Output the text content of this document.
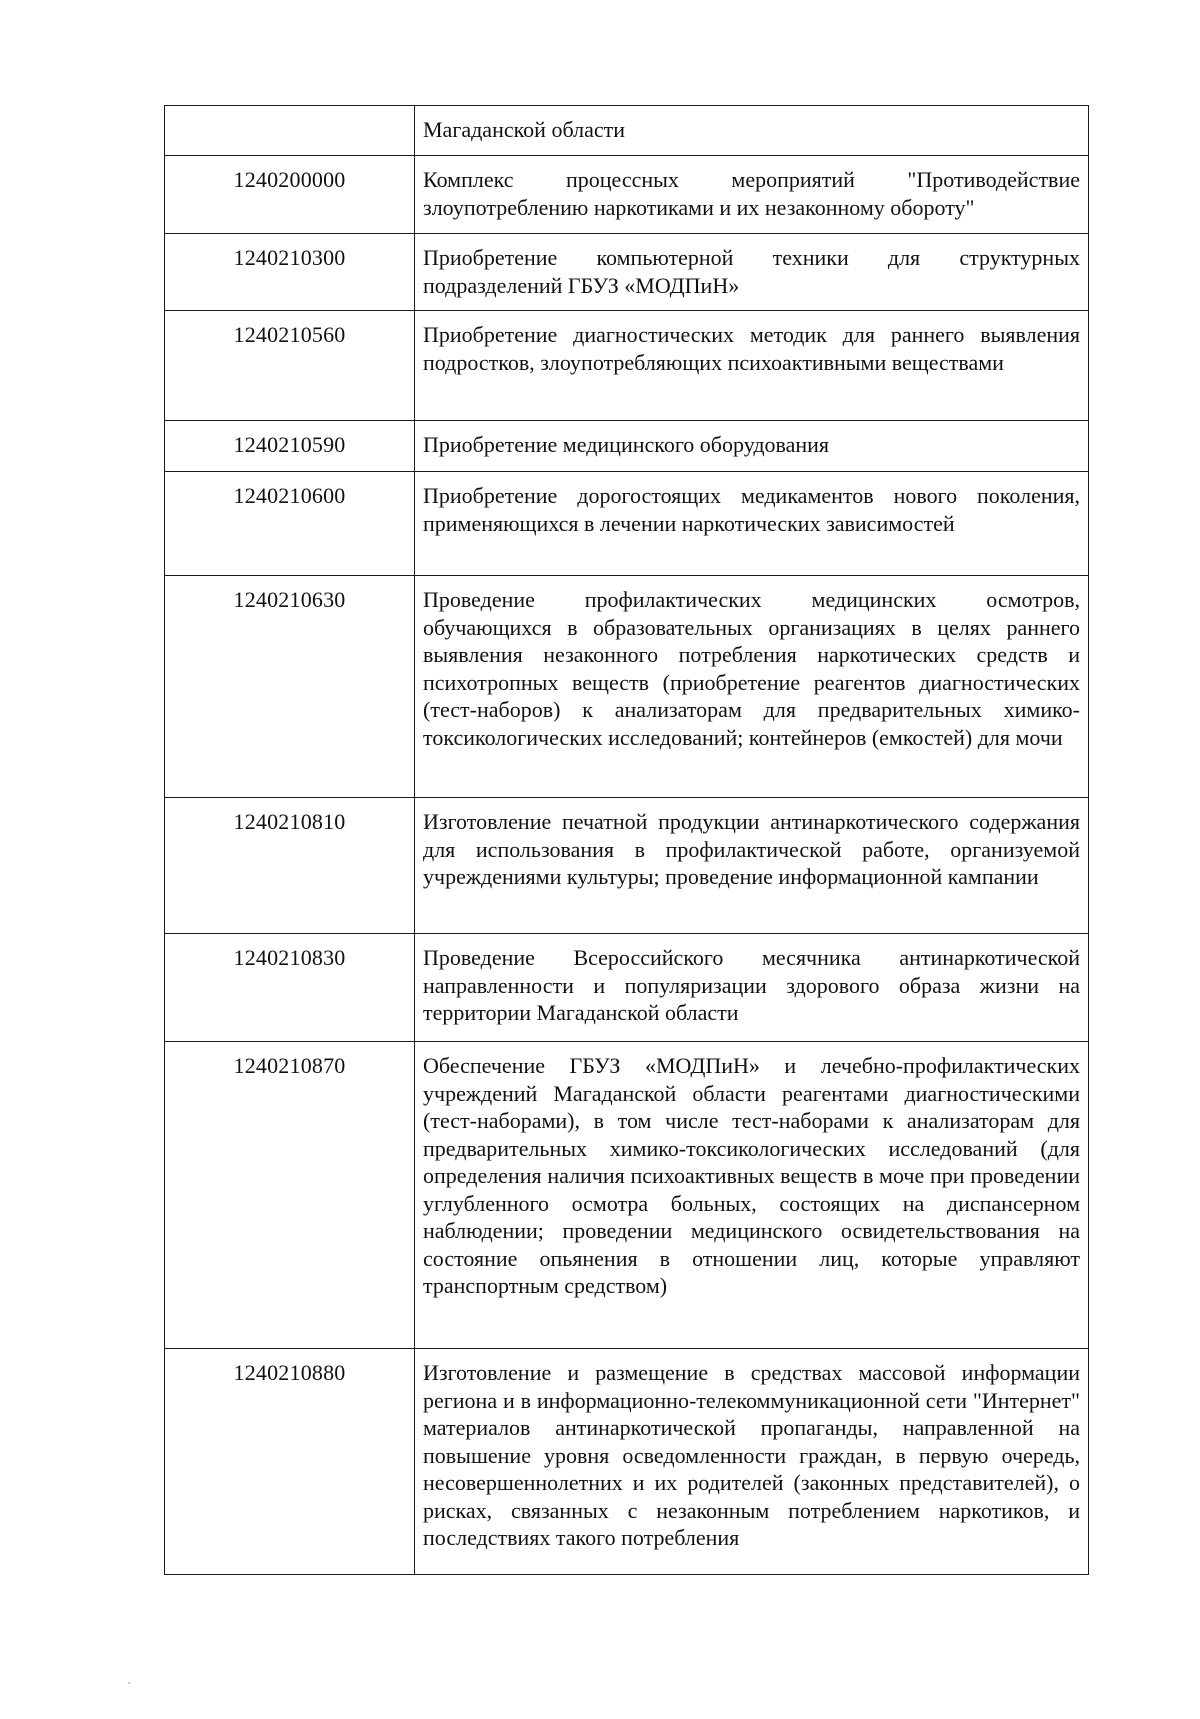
	Магаданской области
1240200000	Комплекс процессных мероприятий "Противодействие злоупотреблению наркотиками и их незаконному обороту"
1240210300	Приобретение компьютерной техники для структурных подразделений ГБУЗ «МОДПиН»
1240210560	Приобретение диагностических методик для раннего выявления подростков, злоупотребляющих психоактивными веществами
1240210590	Приобретение медицинского оборудования
1240210600	Приобретение дорогостоящих медикаментов нового поколения, применяющихся в лечении наркотических зависимостей
1240210630	Проведение профилактических медицинских осмотров, обучающихся в образовательных организациях в целях раннего выявления незаконного потребления наркотических средств и психотропных веществ (приобретение реагентов диагностических (тест-наборов) к анализаторам для предварительных химико-токсикологических исследований; контейнеров (емкостей) для мочи
1240210810	Изготовление печатной продукции антинаркотического содержания для использования в профилактической работе, организуемой учреждениями культуры; проведение информационной кампании
1240210830	Проведение Всероссийского месячника антинаркотической направленности и популяризации здорового образа жизни на территории Магаданской области
1240210870	Обеспечение ГБУЗ «МОДПиН» и лечебно-профилактических учреждений Магаданской области реагентами диагностическими (тест-наборами), в том числе тест-наборами к анализаторам для предварительных химико-токсикологических исследований (для определения наличия психоактивных веществ в моче при проведении углубленного осмотра больных, состоящих на диспансерном наблюдении; проведении медицинского освидетельствования на состояние опьянения в отношении лиц, которые управляют транспортным средством)
1240210880	Изготовление и размещение в средствах массовой информации региона и в информационно-телекоммуникационной сети "Интернет" материалов антинаркотической пропаганды, направленной на повышение уровня осведомленности граждан, в первую очередь, несовершеннолетних и их родителей (законных представителей), о рисках, связанных с незаконным потреблением наркотиков, и последствиях такого потребления
